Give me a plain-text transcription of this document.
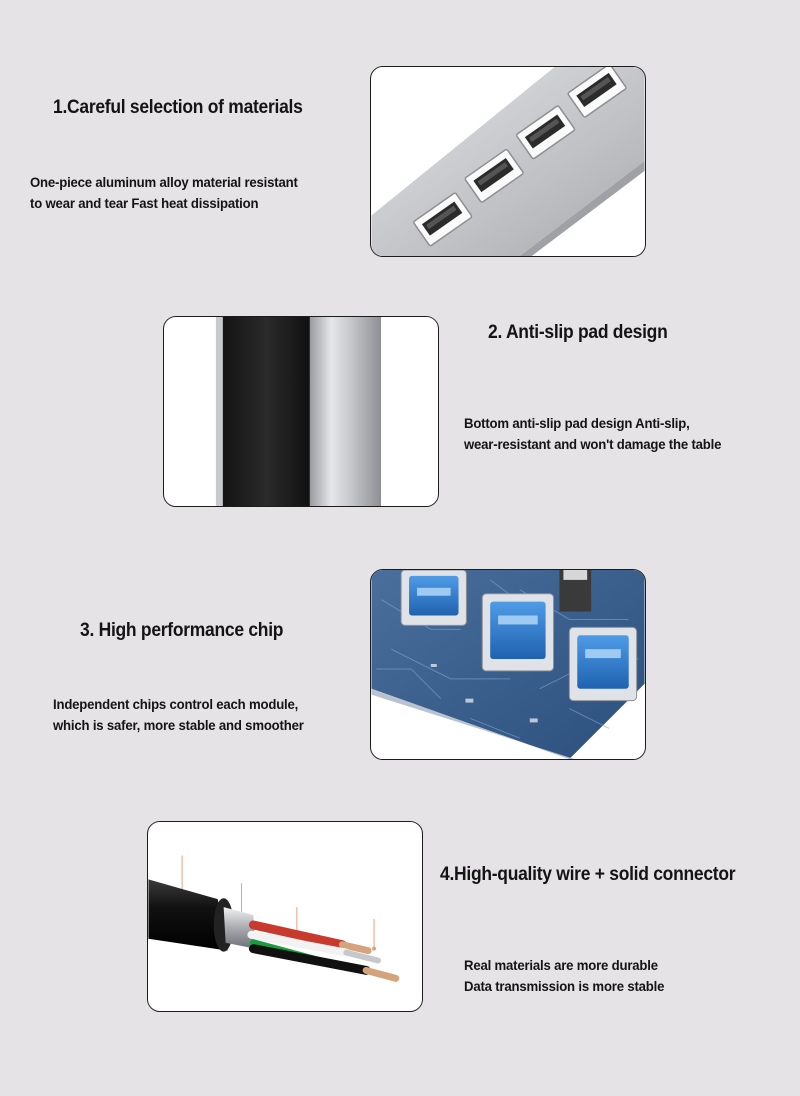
1.Careful selection of materials
One-piece aluminum alloy material resistant
to wear and tear Fast heat dissipation
2. Anti-slip pad design
Bottom anti-slip pad design Anti-slip,
wear-resistant and won't damage the table
3. High performance chip
Independent chips control each module,
which is safer, more stable and smoother
4.High-quality wire + solid connector
Real materials are more durable
Data transmission is more stable
